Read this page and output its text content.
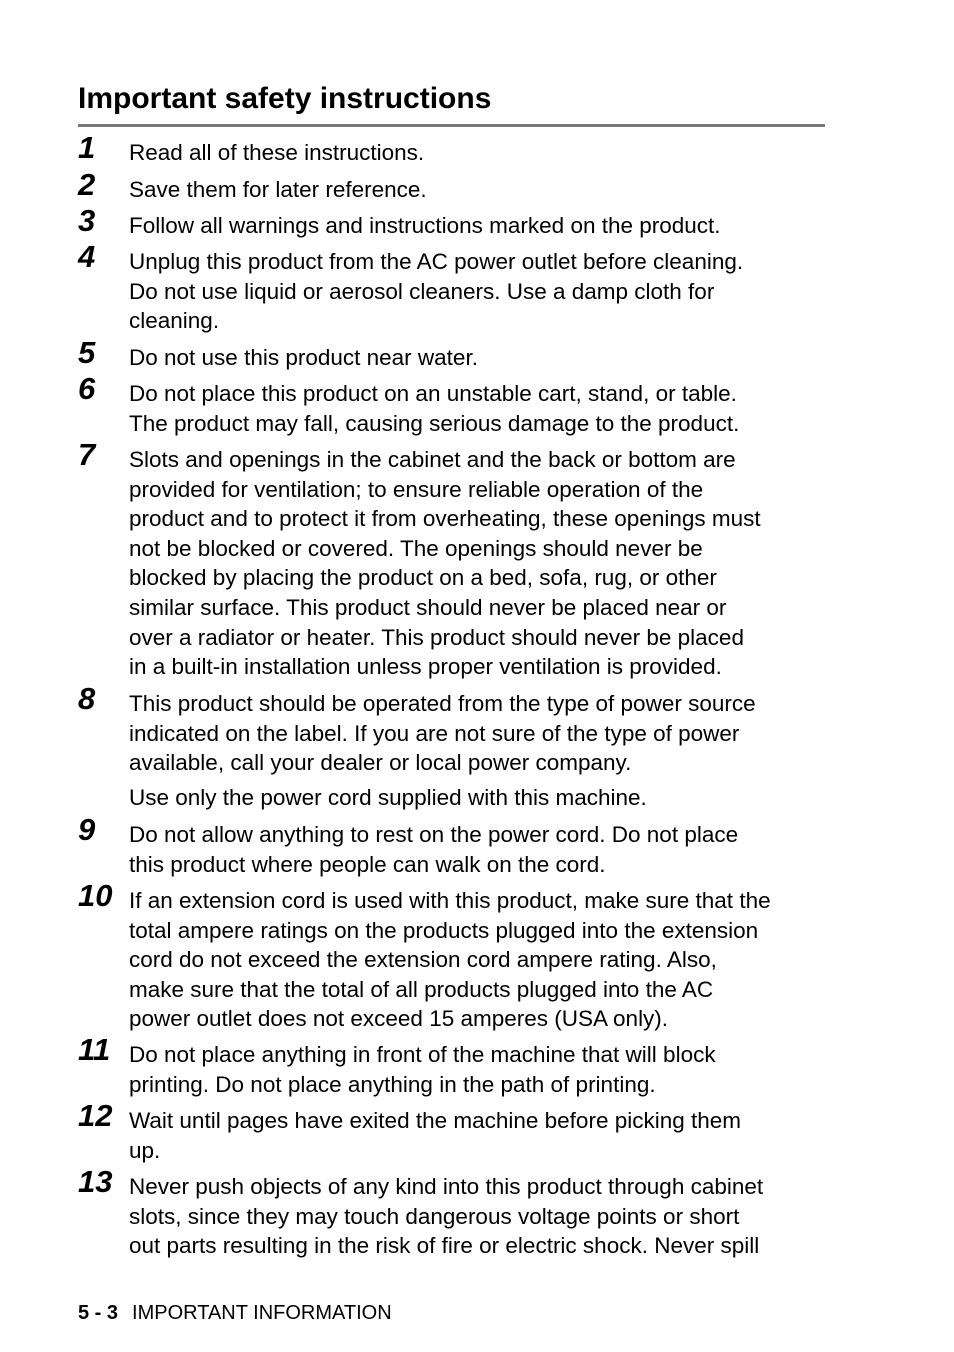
Important safety instructions
1	Read all of these instructions.
2	Save them for later reference.
3	Follow all warnings and instructions marked on the product.
4	Unplug this product from the AC power outlet before cleaning.
Do not use liquid or aerosol cleaners. Use a damp cloth for
cleaning.
5	Do not use this product near water.
6	Do not place this product on an unstable cart, stand, or table.
The product may fall, causing serious damage to the product.
7	Slots and openings in the cabinet and the back or bottom are
provided for ventilation; to ensure reliable operation of the
product and to protect it from overheating, these openings must
not be blocked or covered. The openings should never be
blocked by placing the product on a bed, sofa, rug, or other
similar surface. This product should never be placed near or
over a radiator or heater. This product should never be placed
in a built-in installation unless proper ventilation is provided.
8	This product should be operated from the type of power source
indicated on the label. If you are not sure of the type of power
available, call your dealer or local power company.
Use only the power cord supplied with this machine.
9	Do not allow anything to rest on the power cord. Do not place
this product where people can walk on the cord.
10 If an extension cord is used with this product, make sure that the
total ampere ratings on the products plugged into the extension
cord do not exceed the extension cord ampere rating. Also,
make sure that the total of all products plugged into the AC
power outlet does not exceed 15 amperes (USA only).
11 Do not place anything in front of the machine that will block
printing. Do not place anything in the path of printing.
12 Wait until pages have exited the machine before picking them
up.
13 Never push objects of any kind into this product through cabinet
slots, since they may touch dangerous voltage points or short
out parts resulting in the risk of fire or electric shock. Never spill
5 - 3 IMPORTANT INFORMATION
